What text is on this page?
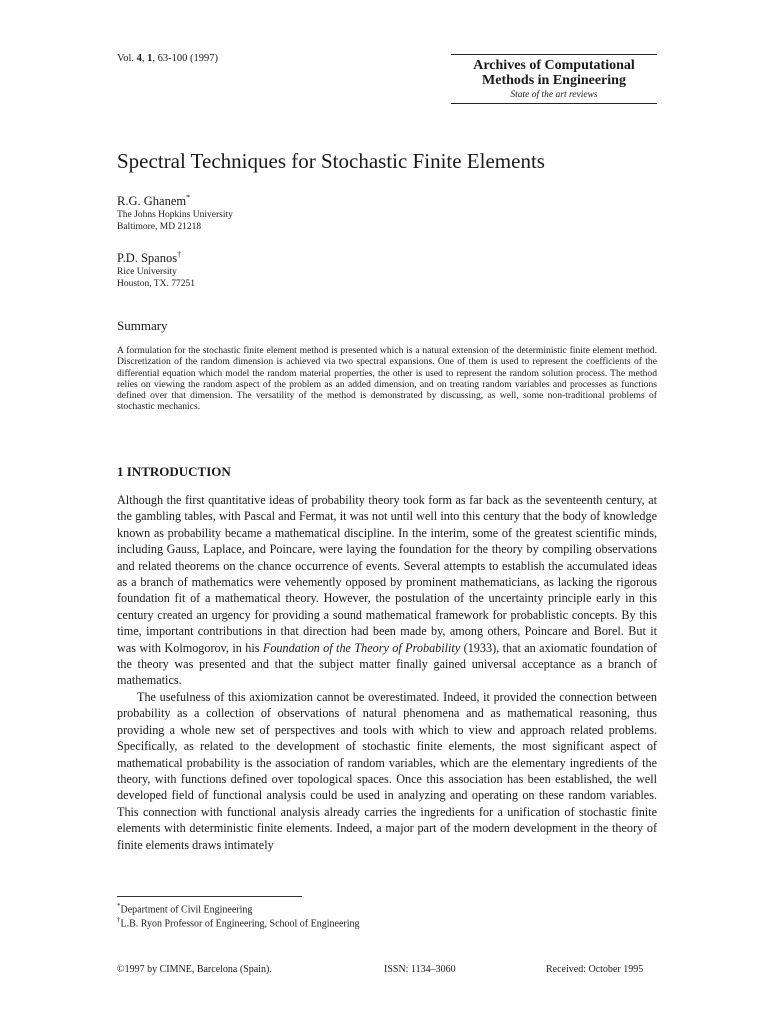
Vol. 4, 1, 63-100 (1997)	Archives of Computational
Methods in Engineering
State of the art reviews
Spectral Techniques for Stochastic Finite Elements
R.G. Ghanem*
The Johns Hopkins University
Baltimore, MD 21218
P.D. Spanos†
Rice University
Houston, TX. 77251
Summary
A formulation for the stochastic finite element method is presented which is a natural extension of the deterministic finite element method. Discretization of the random dimension is achieved via two spectral expansions. One of them is used to represent the coefficients of the differential equation which model the random material properties, the other is used to represent the random solution process. The method relies on viewing the random aspect of the problem as an added dimension, and on treating random variables and processes as functions defined over that dimension. The versatility of the method is demonstrated by discussing, as well, some non-traditional problems of stochastic mechanics.
1 INTRODUCTION

Although the first quantitative ideas of probability theory took form as far back as the seventeenth century, at the gambling tables, with Pascal and Fermat, it was not until well into this century that the body of knowledge known as probability became a mathematical discipline. In the interim, some of the greatest scientific minds, including Gauss, Laplace, and Poincare, were laying the foundation for the theory by compiling observations and related theorems on the chance occurrence of events. Several attempts to establish the accumulated ideas as a branch of mathematics were vehemently opposed by prominent mathematicians, as lacking the rigorous foundation fit of a mathematical theory. However, the postulation of the uncertainty principle early in this century created an urgency for providing a sound mathematical framework for probablistic concepts. By this time, important contributions in that direction had been made by, among others, Poincare and Borel. But it was with Kolmogorov, in his Foundation of the Theory of Probability (1933), that an axiomatic foundation of the theory was presented and that the subject matter finally gained universal acceptance as a branch of mathematics.

The usefulness of this axiomization cannot be overestimated. Indeed, it provided the connection between probability as a collection of observations of natural phenomena and as mathematical reasoning, thus providing a whole new set of perspectives and tools with which to view and approach related problems. Specifically, as related to the development of stochastic finite elements, the most significant aspect of mathematical probability is the association of random variables, which are the elementary ingredients of the theory, with functions defined over topological spaces. Once this association has been established, the well developed field of functional analysis could be used in analyzing and operating on these random variables. This connection with functional analysis already carries the ingredients for a unification of stochastic finite elements with deterministic finite elements. Indeed, a major part of the modern development in the theory of finite elements draws intimately

*Department of Civil Engineering
†L.B. Ryon Professor of Engineering, School of Engineering
©1997 by CIMNE, Barcelona (Spain).	ISSN: 1134–3060	Received: October 1995
